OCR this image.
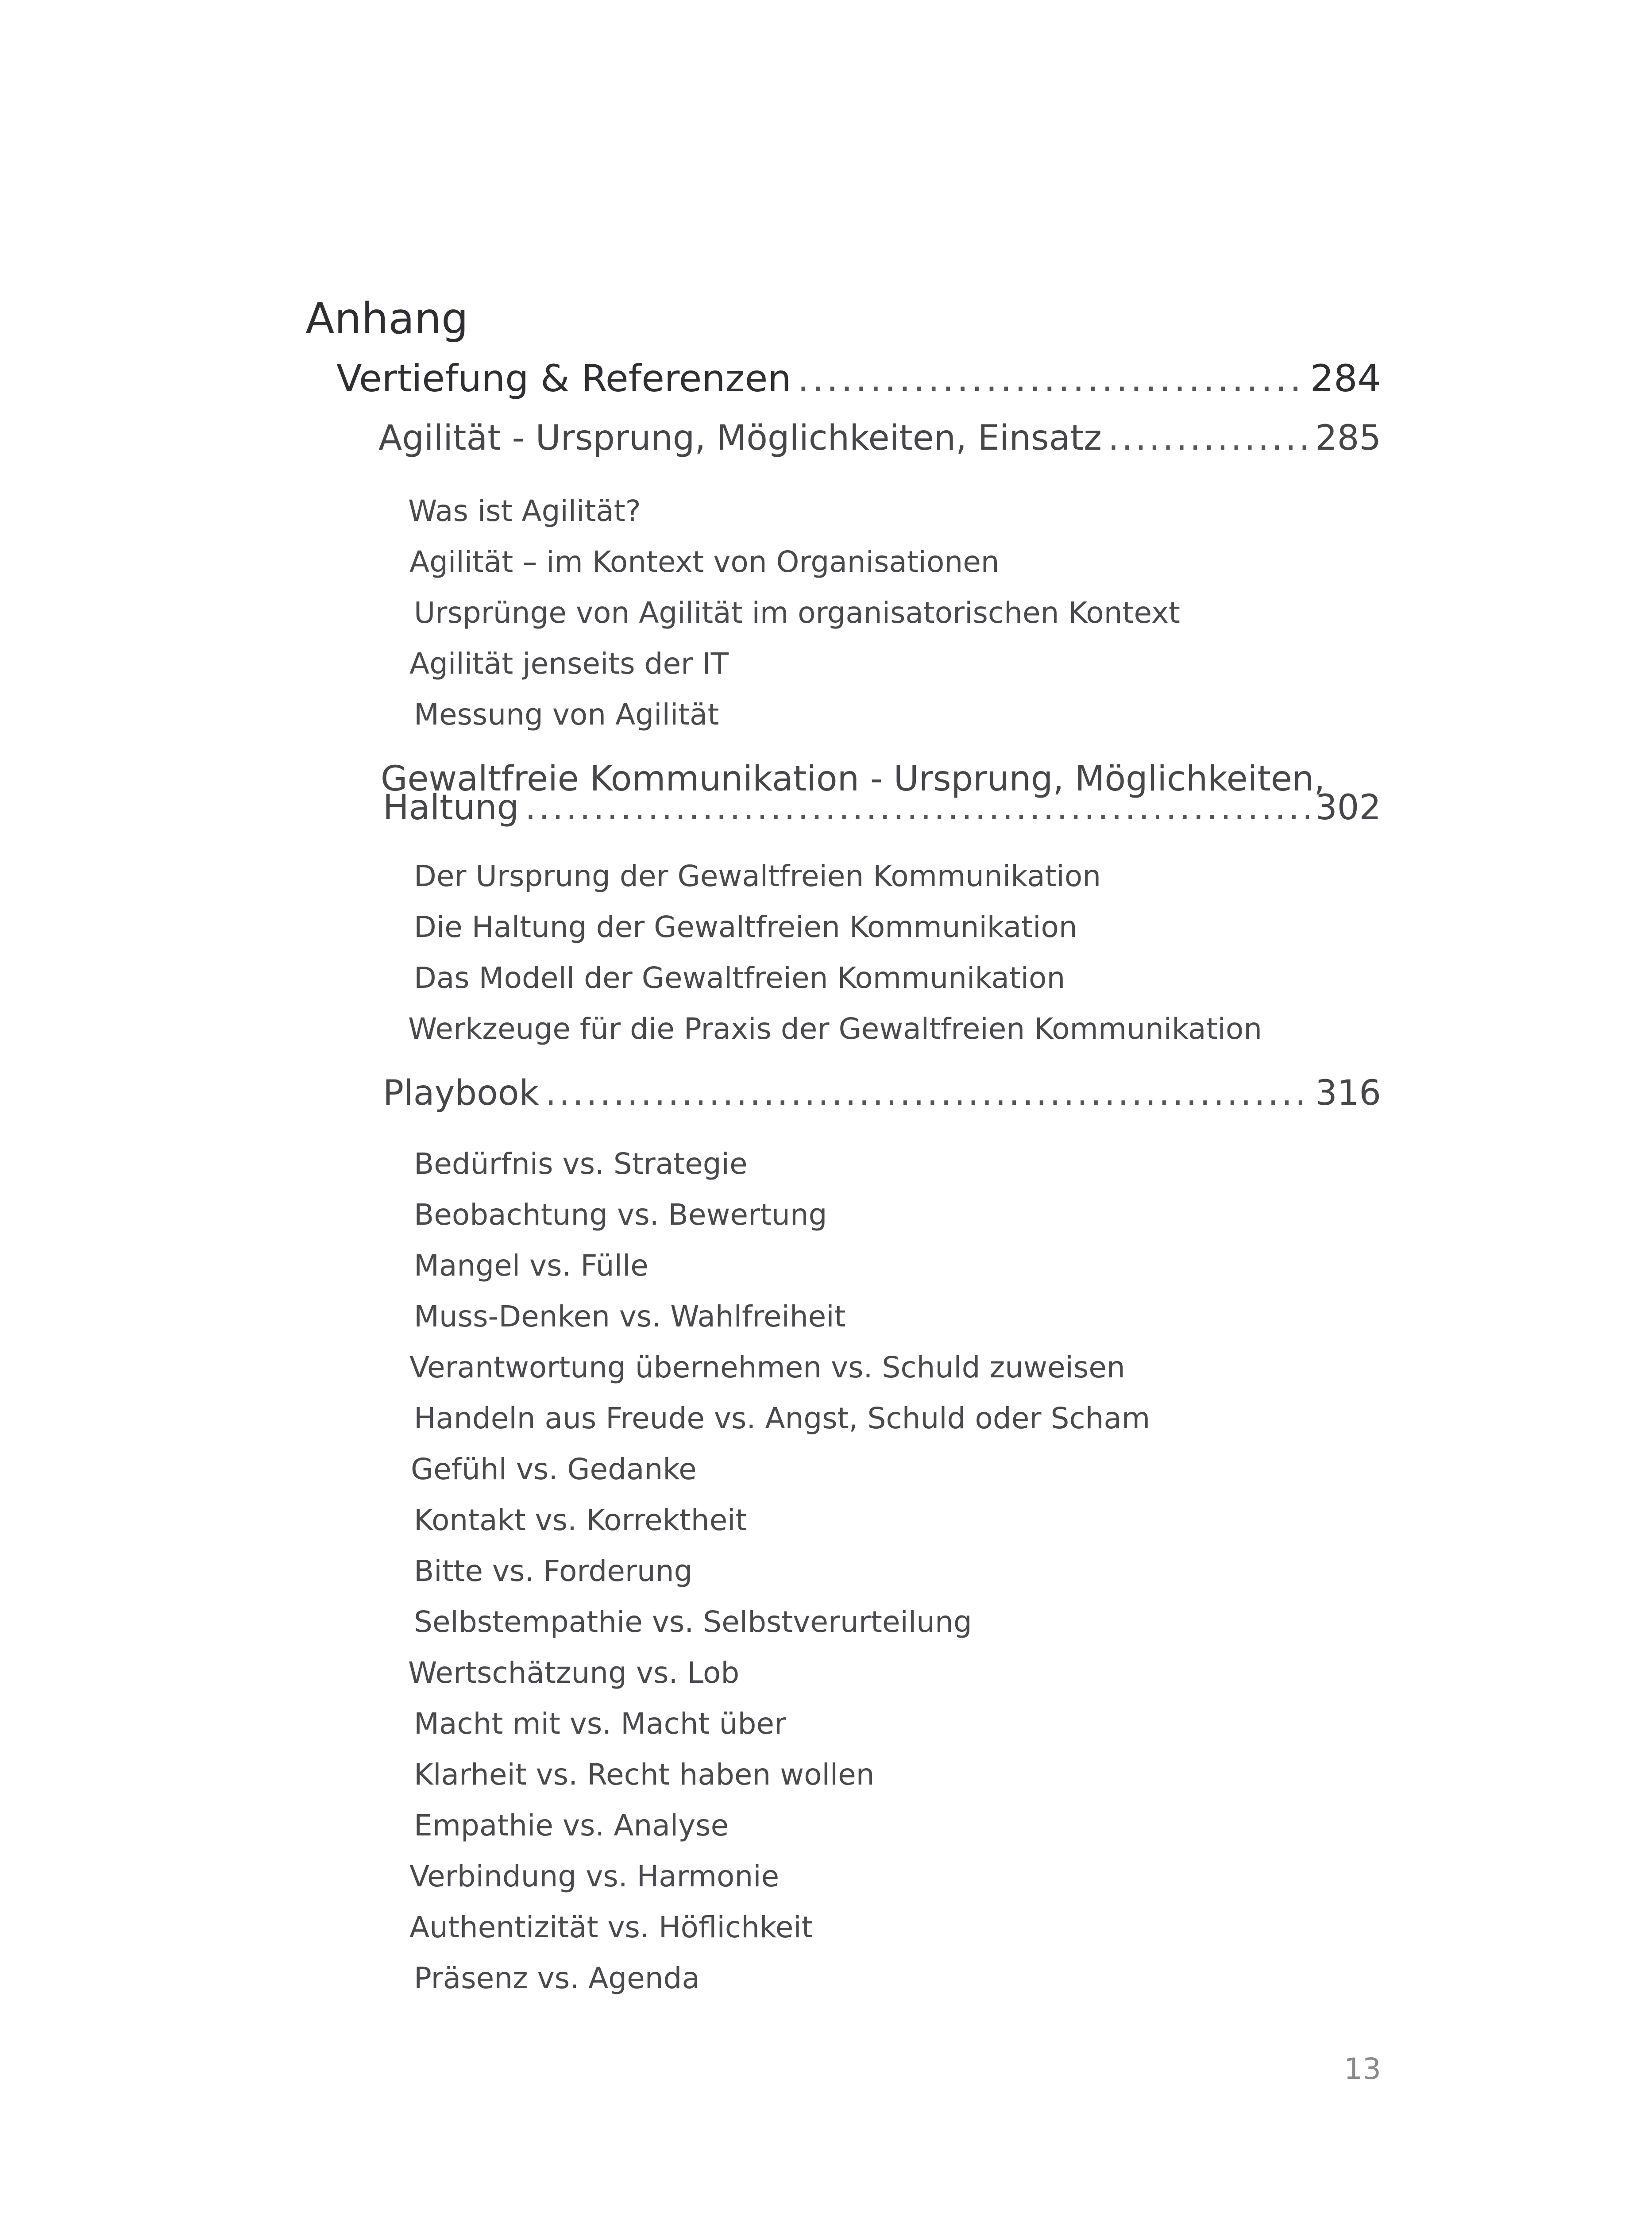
Anhang
Vertiefung & Referenzen .....	284
Agilität - Ursprung, Möglichkeiten, Einsatz .....	285
Was ist Agilität?
Agilität – im Kontext von Organisationen
Ursprünge von Agilität im organisatorischen Kontext
Agilität jenseits der IT
Messung von Agilität
Gewaltfreie Kommunikation - Ursprung, Möglichkeiten,
Haltung .....	302
Der Ursprung der Gewaltfreien Kommunikation
Die Haltung der Gewaltfreien Kommunikation
Das Modell der Gewaltfreien Kommunikation
Werkzeuge für die Praxis der Gewaltfreien Kommunikation
Playbook .....	316
Bedürfnis vs. Strategie
Beobachtung vs. Bewertung
Mangel vs. Fülle
Muss-Denken vs. Wahlfreiheit
Verantwortung übernehmen vs. Schuld zuweisen
Handeln aus Freude vs. Angst, Schuld oder Scham
Gefühl vs. Gedanke
Kontakt vs. Korrektheit
Bitte vs. Forderung
Selbstempathie vs. Selbstverurteilung
Wertschätzung vs. Lob
Macht mit vs. Macht über
Klarheit vs. Recht haben wollen
Empathie vs. Analyse
Verbindung vs. Harmonie
Authentizität vs. Höflichkeit
Präsenz vs. Agenda
13
